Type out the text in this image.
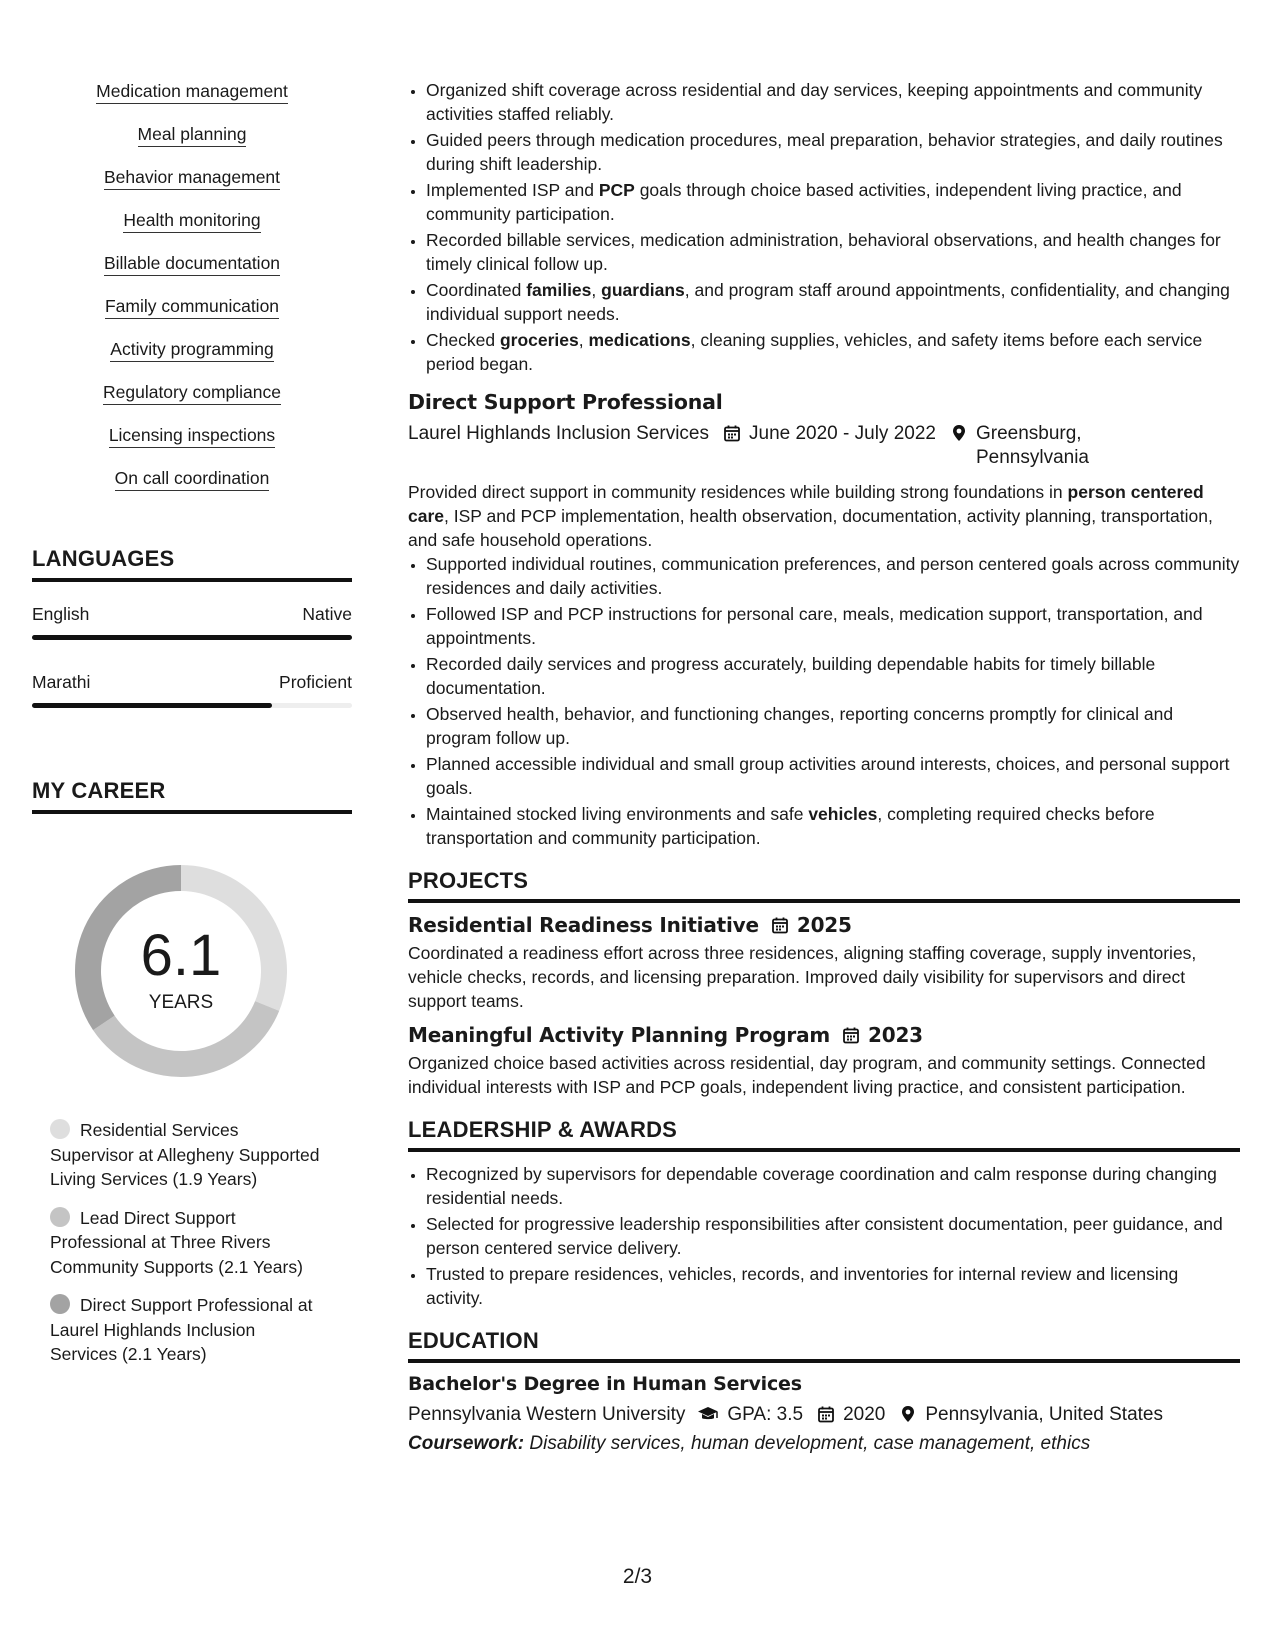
Medication management
Meal planning
Behavior management
Health monitoring
Billable documentation
Family communication
Activity programming
Regulatory compliance
Licensing inspections
On call coordination
LANGUAGES
English	Native
Marathi	Proficient
MY CAREER
6.1
YEARS
Residential Services Supervisor at Allegheny Supported Living Services (1.9 Years)
Lead Direct Support Professional at Three Rivers Community Supports (2.1 Years)
Direct Support Professional at Laurel Highlands Inclusion Services (2.1 Years)
• Organized shift coverage across residential and day services, keeping appointments and community activities staffed reliably.
• Guided peers through medication procedures, meal preparation, behavior strategies, and daily routines during shift leadership.
• Implemented ISP and PCP goals through choice based activities, independent living practice, and community participation.
• Recorded billable services, medication administration, behavioral observations, and health changes for timely clinical follow up.
• Coordinated families, guardians, and program staff around appointments, confidentiality, and changing individual support needs.
• Checked groceries, medications, cleaning supplies, vehicles, and safety items before each service period began.
Direct Support Professional
Laurel Highlands Inclusion Services June 2020 - July 2022 Greensburg, Pennsylvania
Provided direct support in community residences while building strong foundations in person centered care, ISP and PCP implementation, health observation, documentation, activity planning, transportation, and safe household operations.
• Supported individual routines, communication preferences, and person centered goals across community residences and daily activities.
• Followed ISP and PCP instructions for personal care, meals, medication support, transportation, and appointments.
• Recorded daily services and progress accurately, building dependable habits for timely billable documentation.
• Observed health, behavior, and functioning changes, reporting concerns promptly for clinical and program follow up.
• Planned accessible individual and small group activities around interests, choices, and personal support goals.
• Maintained stocked living environments and safe vehicles, completing required checks before transportation and community participation.
PROJECTS
Residential Readiness Initiative 2025
Coordinated a readiness effort across three residences, aligning staffing coverage, supply inventories, vehicle checks, records, and licensing preparation. Improved daily visibility for supervisors and direct support teams.
Meaningful Activity Planning Program 2023
Organized choice based activities across residential, day program, and community settings. Connected individual interests with ISP and PCP goals, independent living practice, and consistent participation.
LEADERSHIP & AWARDS
• Recognized by supervisors for dependable coverage coordination and calm response during changing residential needs.
• Selected for progressive leadership responsibilities after consistent documentation, peer guidance, and person centered service delivery.
• Trusted to prepare residences, vehicles, records, and inventories for internal review and licensing activity.
EDUCATION
Bachelor's Degree in Human Services
Pennsylvania Western University GPA: 3.5 2020 Pennsylvania, United States
Coursework: Disability services, human development, case management, ethics
2/3
